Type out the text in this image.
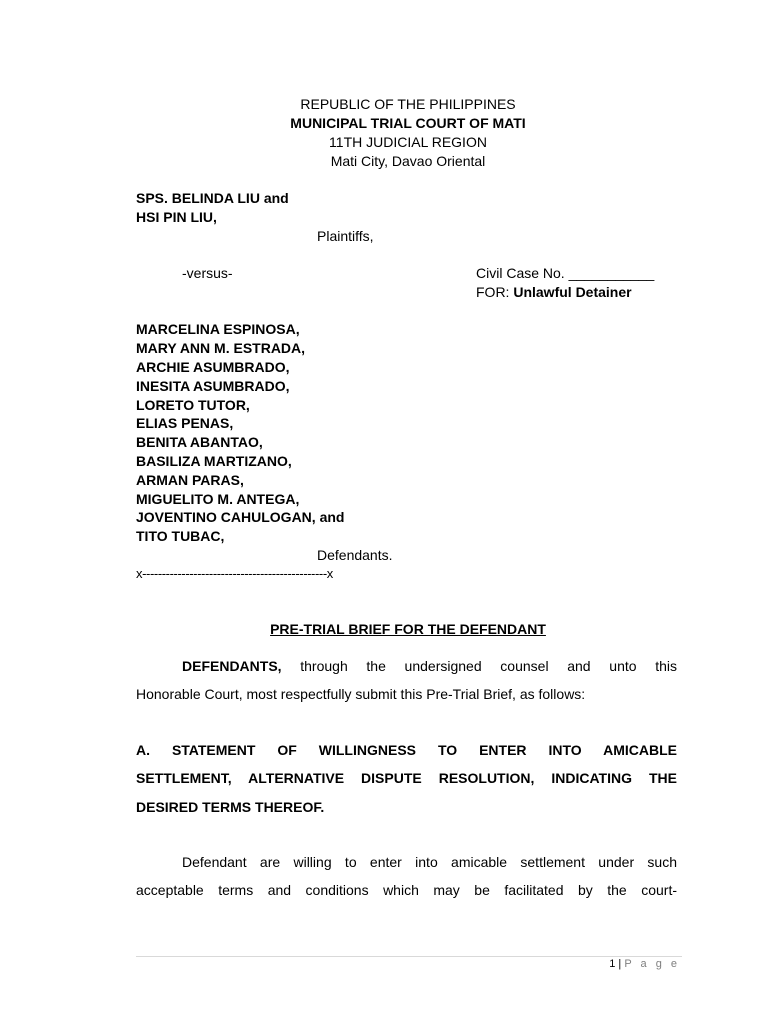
REPUBLIC OF THE PHILIPPINES
MUNICIPAL TRIAL COURT OF MATI
11TH JUDICIAL REGION
Mati City, Davao Oriental
SPS. BELINDA LIU and
HSI PIN LIU,
Plaintiffs,
-versus-	Civil Case No. ___________
FOR: Unlawful Detainer
MARCELINA ESPINOSA,
MARY ANN M. ESTRADA,
ARCHIE ASUMBRADO,
INESITA ASUMBRADO,
LORETO TUTOR,
ELIAS PENAS,
BENITA ABANTAO,
BASILIZA MARTIZANO,
ARMAN PARAS,
MIGUELITO M. ANTEGA,
JOVENTINO CAHULOGAN, and
TITO TUBAC,
Defendants.
x-----------------------------------------------x
PRE-TRIAL BRIEF FOR THE DEFENDANT
DEFENDANTS, through the undersigned counsel and unto this
Honorable Court, most respectfully submit this Pre-Trial Brief, as follows:
A. STATEMENT OF WILLINGNESS TO ENTER INTO AMICABLE
SETTLEMENT, ALTERNATIVE DISPUTE RESOLUTION, INDICATING THE
DESIRED TERMS THEREOF.
Defendant are willing to enter into amicable settlement under such
acceptable terms and conditions which may be facilitated by the court-
1 | P a g e
